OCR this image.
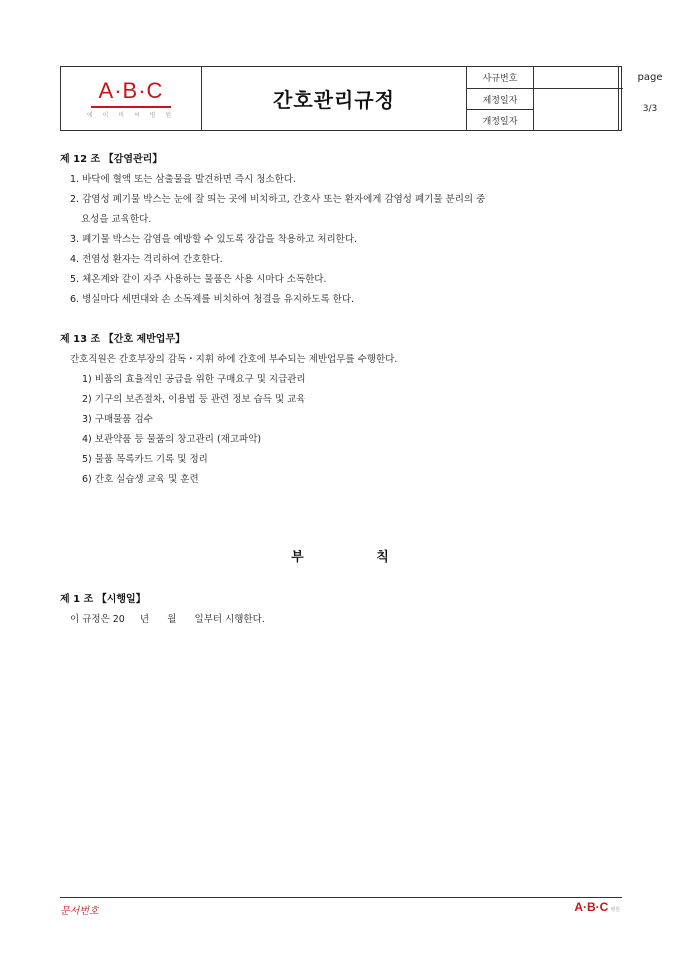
A·B·C
에 이 비 씨 병 원
간호관리규정
사규번호
제정일자
개정일자
page
3/3
제 12 조 【감염관리】
1. 바닥에 혈액 또는 삼출물을 발견하면 즉시 청소한다.
2. 감염성 폐기물 박스는 눈에 잘 띄는 곳에 비치하고, 간호사 또는 환자에게 감염성 폐기물 분리의 중
요성을 교육한다.
3. 폐기물 박스는 감염을 예방할 수 있도록 장갑을 착용하고 처리한다.
4. 전염성 환자는 격리하여 간호한다.
5. 체온계와 같이 자주 사용하는 물품은 사용 시마다 소독한다.
6. 병실마다 세면대와 손 소독제를 비치하여 청결을 유지하도록 한다.
제 13 조 【간호 제반업무】
간호직원은 간호부장의 감독・지휘 하에 간호에 부수되는 제반업무를 수행한다.
1) 비품의 효율적인 공급을 위한 구매요구 및 지급관리
2) 기구의 보존절차, 이용법 등 관련 정보 습득 및 교육
3) 구매물품 검수
4) 보관약품 등 물품의 창고관리 (재고파악)
5) 물품 목록카드 기록 및 정리
6) 간호 실습생 교육 및 훈련
부 칙
제 1 조 【시행일】
이 규정은 20     년      월      일부터 시행한다.
문서번호	A·B·C 병원
